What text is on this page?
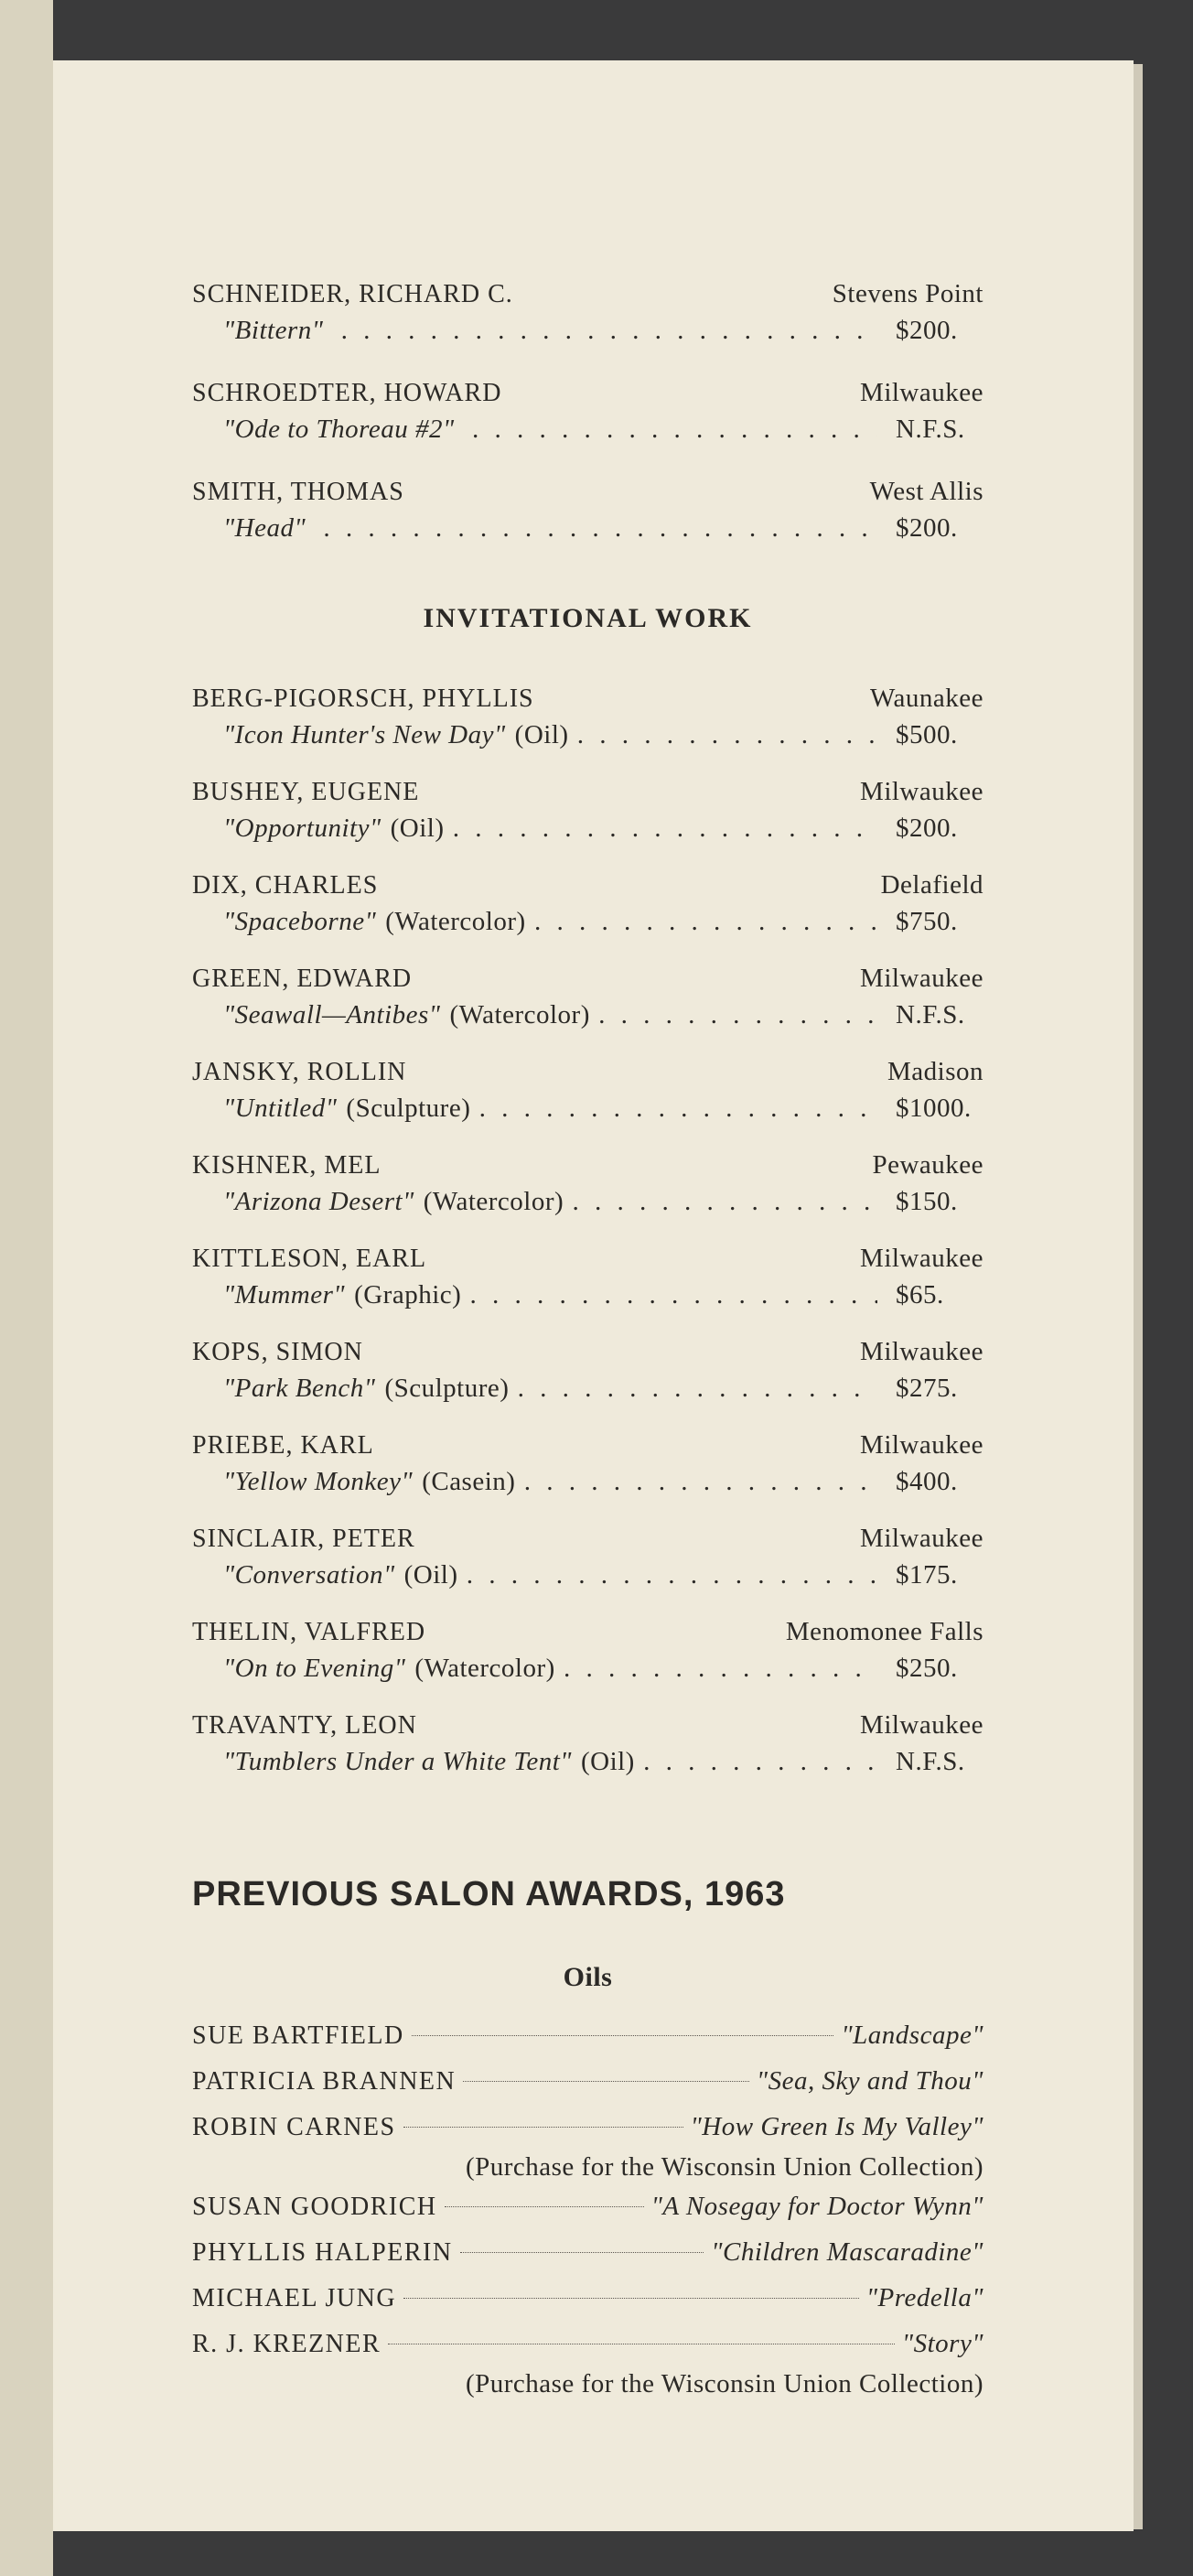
SCHNEIDER, RICHARD C.	Stevens Point
"Bittern" . . .	$200.
SCHROEDTER, HOWARD	Milwaukee
"Ode to Thoreau #2" . . .	N.F.S.
SMITH, THOMAS	West Allis
"Head" . . .	$200.
INVITATIONAL WORK
BERG-PIGORSCH, PHYLLIS	Waunakee
"Icon Hunter's New Day" (Oil) . . .	$500.
BUSHEY, EUGENE	Milwaukee
"Opportunity" (Oil) . . .	$200.
DIX, CHARLES	Delafield
"Spaceborne" (Watercolor) . . .	$750.
GREEN, EDWARD	Milwaukee
"Seawall—Antibes" (Watercolor) . . .	N.F.S.
JANSKY, ROLLIN	Madison
"Untitled" (Sculpture) . . .	$1000.
KISHNER, MEL	Pewaukee
"Arizona Desert" (Watercolor) . . .	$150.
KITTLESON, EARL	Milwaukee
"Mummer" (Graphic) . . .	$65.
KOPS, SIMON	Milwaukee
"Park Bench" (Sculpture) . . .	$275.
PRIEBE, KARL	Milwaukee
"Yellow Monkey" (Casein) . . .	$400.
SINCLAIR, PETER	Milwaukee
"Conversation" (Oil) . . .	$175.
THELIN, VALFRED	Menomonee Falls
"On to Evening" (Watercolor) . . .	$250.
TRAVANTY, LEON	Milwaukee
"Tumblers Under a White Tent" (Oil) . . .	N.F.S.
PREVIOUS SALON AWARDS, 1963
Oils
SUE BARTFIELD	"Landscape"
PATRICIA BRANNEN	"Sea, Sky and Thou"
ROBIN CARNES	"How Green Is My Valley"
(Purchase for the Wisconsin Union Collection)
SUSAN GOODRICH	"A Nosegay for Doctor Wynn"
PHYLLIS HALPERIN	"Children Mascaradine"
MICHAEL JUNG	"Predella"
R. J. KREZNER	"Story"
(Purchase for the Wisconsin Union Collection)
